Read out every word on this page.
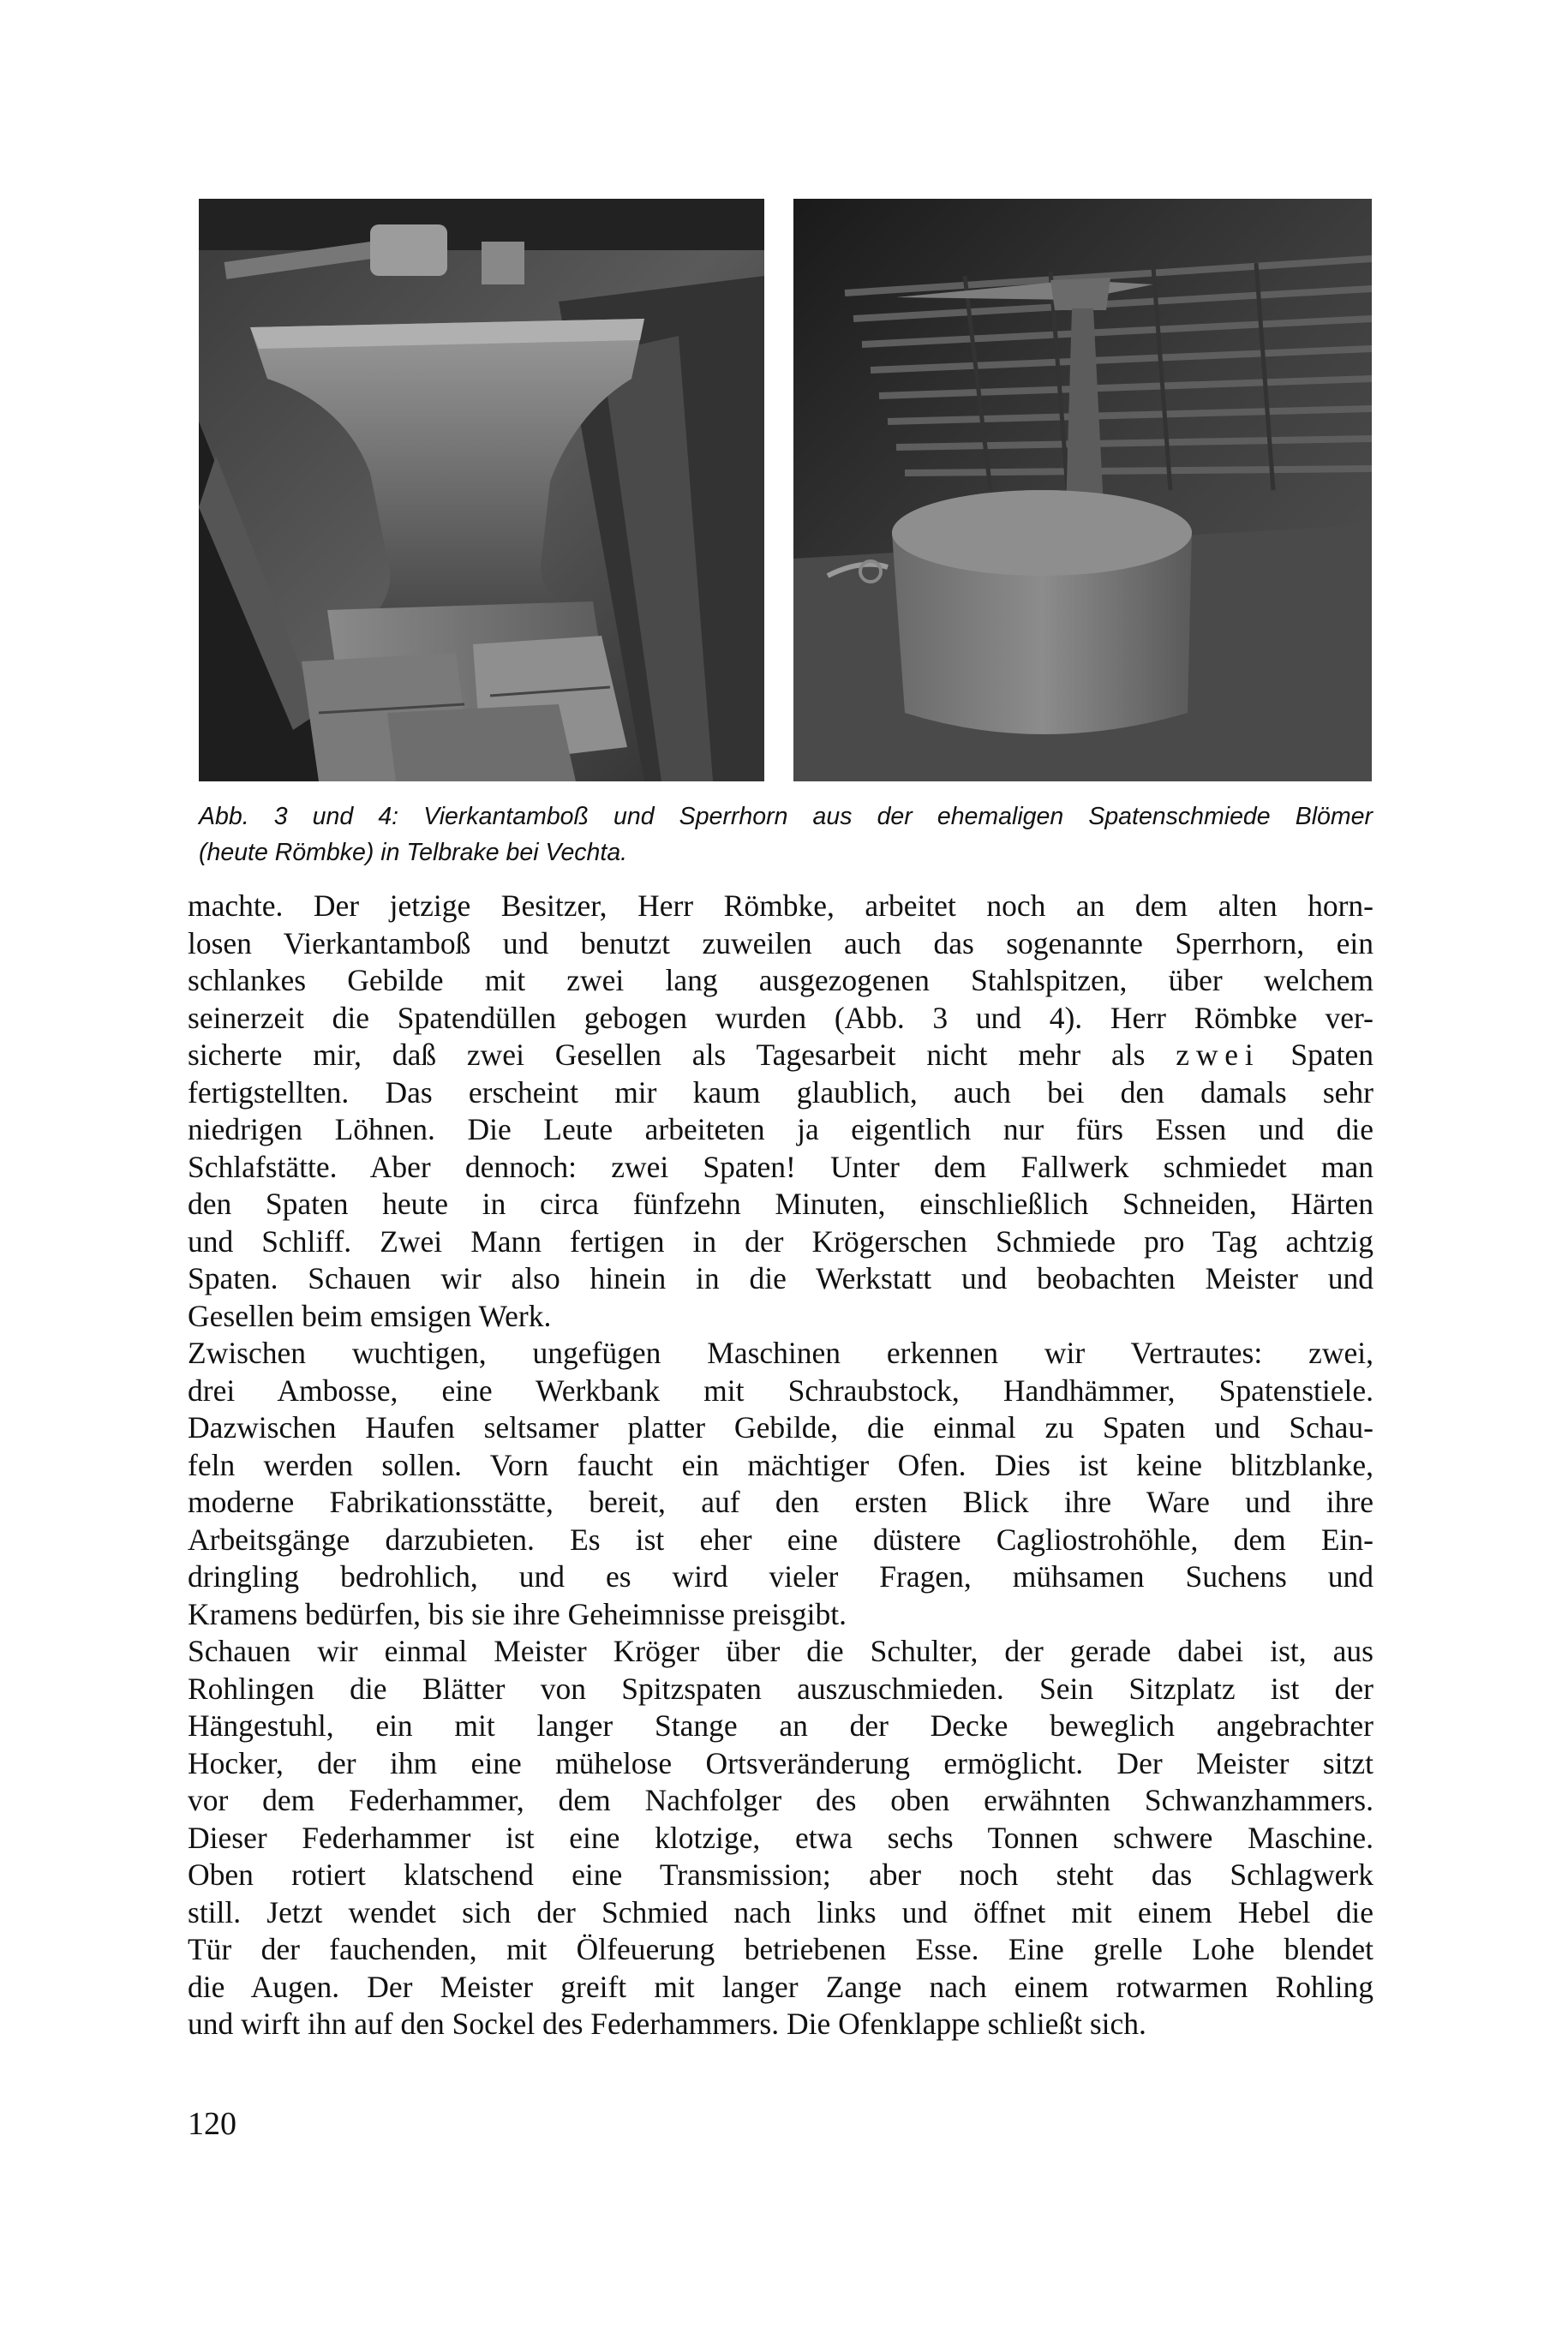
Abb. 3 und 4: Vierkantamboß und Sperrhorn aus der ehemaligen Spatenschmiede Blömer
(heute Römbke) in Telbrake bei Vechta.

machte. Der jetzige Besitzer, Herr Römbke, arbeitet noch an dem alten horn-
losen Vierkantamboß und benutzt zuweilen auch das sogenannte Sperrhorn, ein
schlankes Gebilde mit zwei lang ausgezogenen Stahlspitzen, über welchem
seinerzeit die Spatendüllen gebogen wurden (Abb. 3 und 4). Herr Römbke ver-
sicherte mir, daß zwei Gesellen als Tagesarbeit nicht mehr als zwei Spaten
fertigstellten. Das erscheint mir kaum glaublich, auch bei den damals sehr
niedrigen Löhnen. Die Leute arbeiteten ja eigentlich nur fürs Essen und die
Schlafstätte. Aber dennoch: zwei Spaten! Unter dem Fallwerk schmiedet man
den Spaten heute in circa fünfzehn Minuten, einschließlich Schneiden, Härten
und Schliff. Zwei Mann fertigen in der Krögerschen Schmiede pro Tag achtzig
Spaten. Schauen wir also hinein in die Werkstatt und beobachten Meister und
Gesellen beim emsigen Werk.
Zwischen wuchtigen, ungefügen Maschinen erkennen wir Vertrautes: zwei,
drei Ambosse, eine Werkbank mit Schraubstock, Handhämmer, Spatenstiele.
Dazwischen Haufen seltsamer platter Gebilde, die einmal zu Spaten und Schau-
feln werden sollen. Vorn faucht ein mächtiger Ofen. Dies ist keine blitzblanke,
moderne Fabrikationsstätte, bereit, auf den ersten Blick ihre Ware und ihre
Arbeitsgänge darzubieten. Es ist eher eine düstere Cagliostrohöhle, dem Ein-
dringling bedrohlich, und es wird vieler Fragen, mühsamen Suchens und
Kramens bedürfen, bis sie ihre Geheimnisse preisgibt.
Schauen wir einmal Meister Kröger über die Schulter, der gerade dabei ist, aus
Rohlingen die Blätter von Spitzspaten auszuschmieden. Sein Sitzplatz ist der
Hängestuhl, ein mit langer Stange an der Decke beweglich angebrachter
Hocker, der ihm eine mühelose Ortsveränderung ermöglicht. Der Meister sitzt
vor dem Federhammer, dem Nachfolger des oben erwähnten Schwanzhammers.
Dieser Federhammer ist eine klotzige, etwa sechs Tonnen schwere Maschine.
Oben rotiert klatschend eine Transmission; aber noch steht das Schlagwerk
still. Jetzt wendet sich der Schmied nach links und öffnet mit einem Hebel die
Tür der fauchenden, mit Ölfeuerung betriebenen Esse. Eine grelle Lohe blendet
die Augen. Der Meister greift mit langer Zange nach einem rotwarmen Rohling
und wirft ihn auf den Sockel des Federhammers. Die Ofenklappe schließt sich.
120
